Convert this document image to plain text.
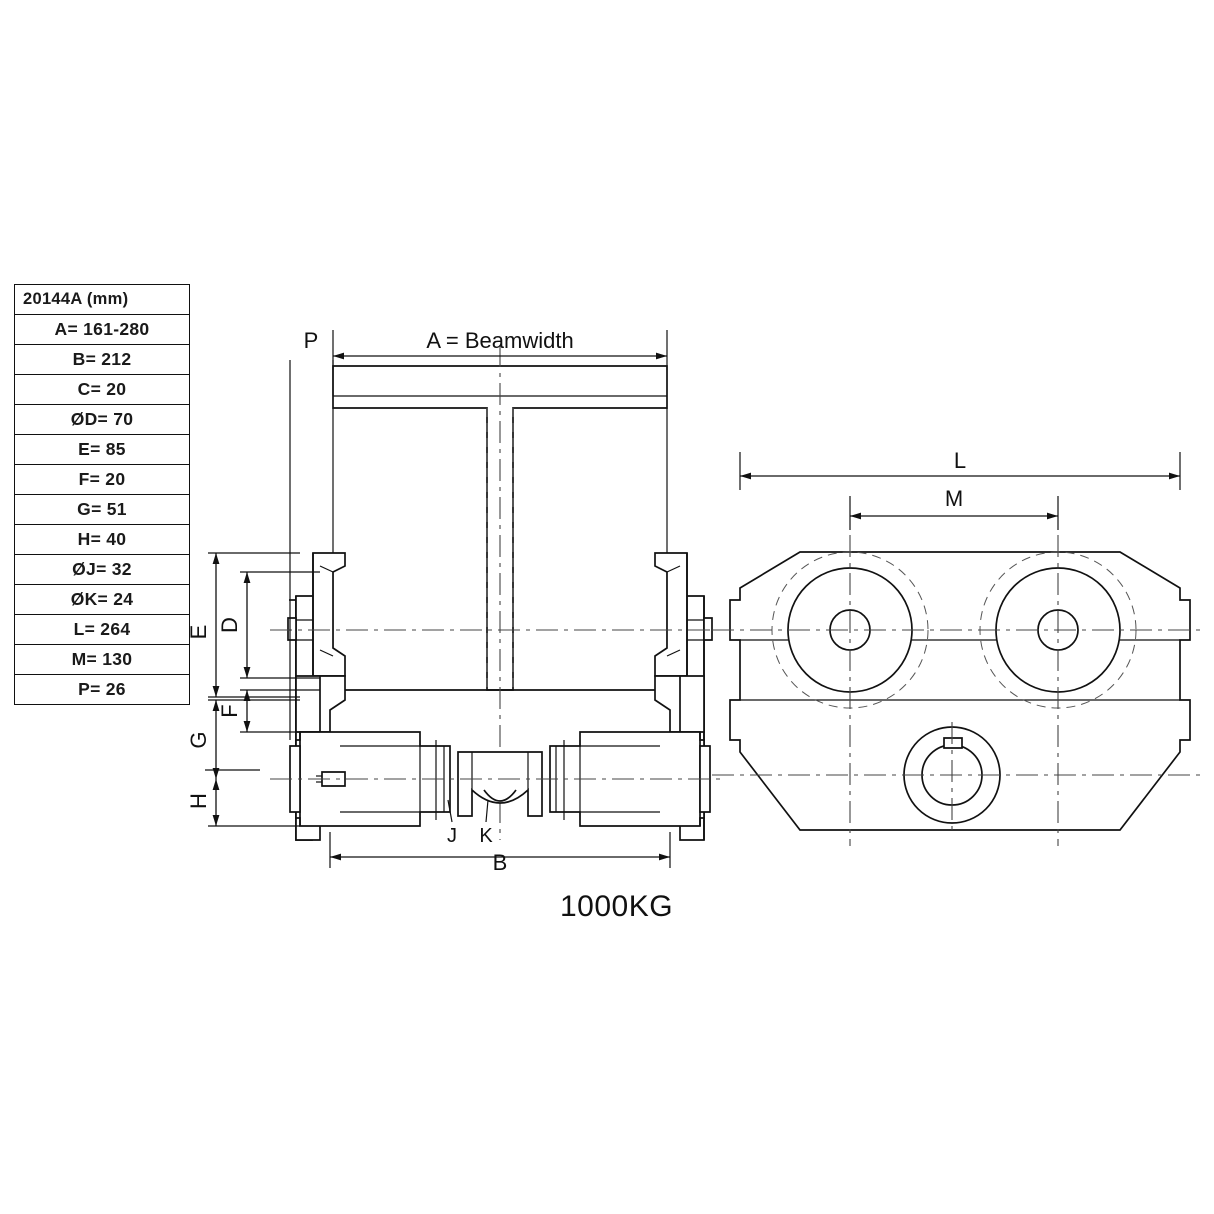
20144A (mm)
A= 161-280
B= 212
C= 20
ØD= 70
E= 85
F= 20
G= 51
H= 40
ØJ= 32
ØK= 24
L= 264
M= 130
P= 26
1000KG
A = Beamwidth
P
E D
F
G
H
B
J K
L
M
